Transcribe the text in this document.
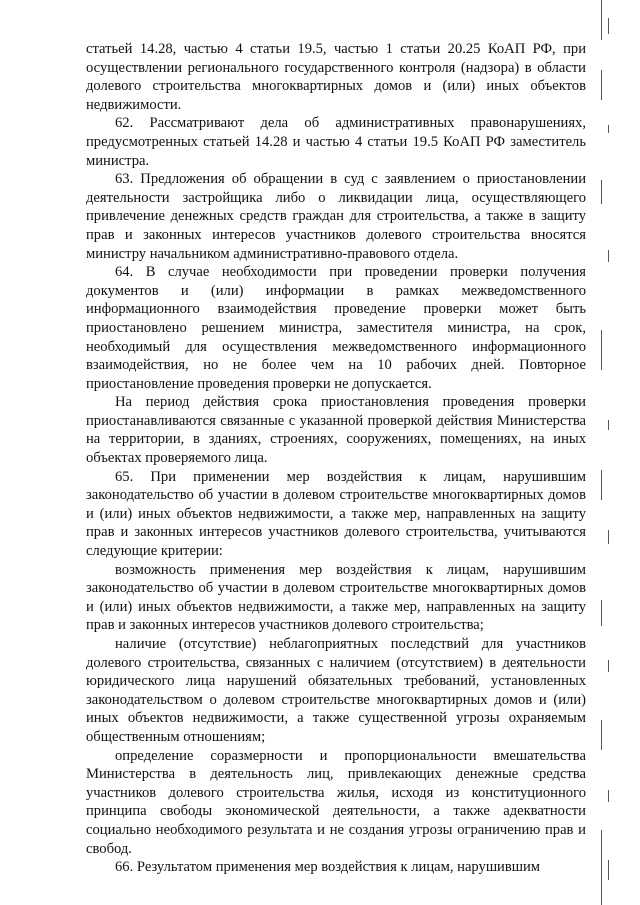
статьей 14.28, частью 4 статьи 19.5, частью 1 статьи 20.25 КоАП РФ, при осуществлении регионального государственного контроля (надзора) в области долевого строительства многоквартирных домов и (или) иных объектов недвижимости.

62. Рассматривают дела об административных правонарушениях, предусмотренных статьей 14.28 и частью 4 статьи 19.5 КоАП РФ заместитель министра.

63. Предложения об обращении в суд с заявлением о приостановлении деятельности застройщика либо о ликвидации лица, осуществляющего привлечение денежных средств граждан для строительства, а также в защиту прав и законных интересов участников долевого строительства вносятся министру начальником административно-правового отдела.

64. В случае необходимости при проведении проверки получения документов и (или) информации в рамках межведомственного информационного взаимодействия проведение проверки может быть приостановлено решением министра, заместителя министра, на срок, необходимый для осуществления межведомственного информационного взаимодействия, но не более чем на 10 рабочих дней. Повторное приостановление проведения проверки не допускается.

На период действия срока приостановления проведения проверки приостанавливаются связанные с указанной проверкой действия Министерства на территории, в зданиях, строениях, сооружениях, помещениях, на иных объектах проверяемого лица.

65. При применении мер воздействия к лицам, нарушившим законодательство об участии в долевом строительстве многоквартирных домов и (или) иных объектов недвижимости, а также мер, направленных на защиту прав и законных интересов участников долевого строительства, учитываются следующие критерии:

возможность применения мер воздействия к лицам, нарушившим законодательство об участии в долевом строительстве многоквартирных домов и (или) иных объектов недвижимости, а также мер, направленных на защиту прав и законных интересов участников долевого строительства;

наличие (отсутствие) неблагоприятных последствий для участников долевого строительства, связанных с наличием (отсутствием) в деятельности юридического лица нарушений обязательных требований, установленных законодательством о долевом строительстве многоквартирных домов и (или) иных объектов недвижимости, а также существенной угрозы охраняемым общественным отношениям;

определение соразмерности и пропорциональности вмешательства Министерства в деятельность лиц, привлекающих денежные средства участников долевого строительства жилья, исходя из конституционного принципа свободы экономической деятельности, а также адекватности социально необходимого результата и не создания угрозы ограничению прав и свобод.

66. Результатом применения мер воздействия к лицам, нарушившим
